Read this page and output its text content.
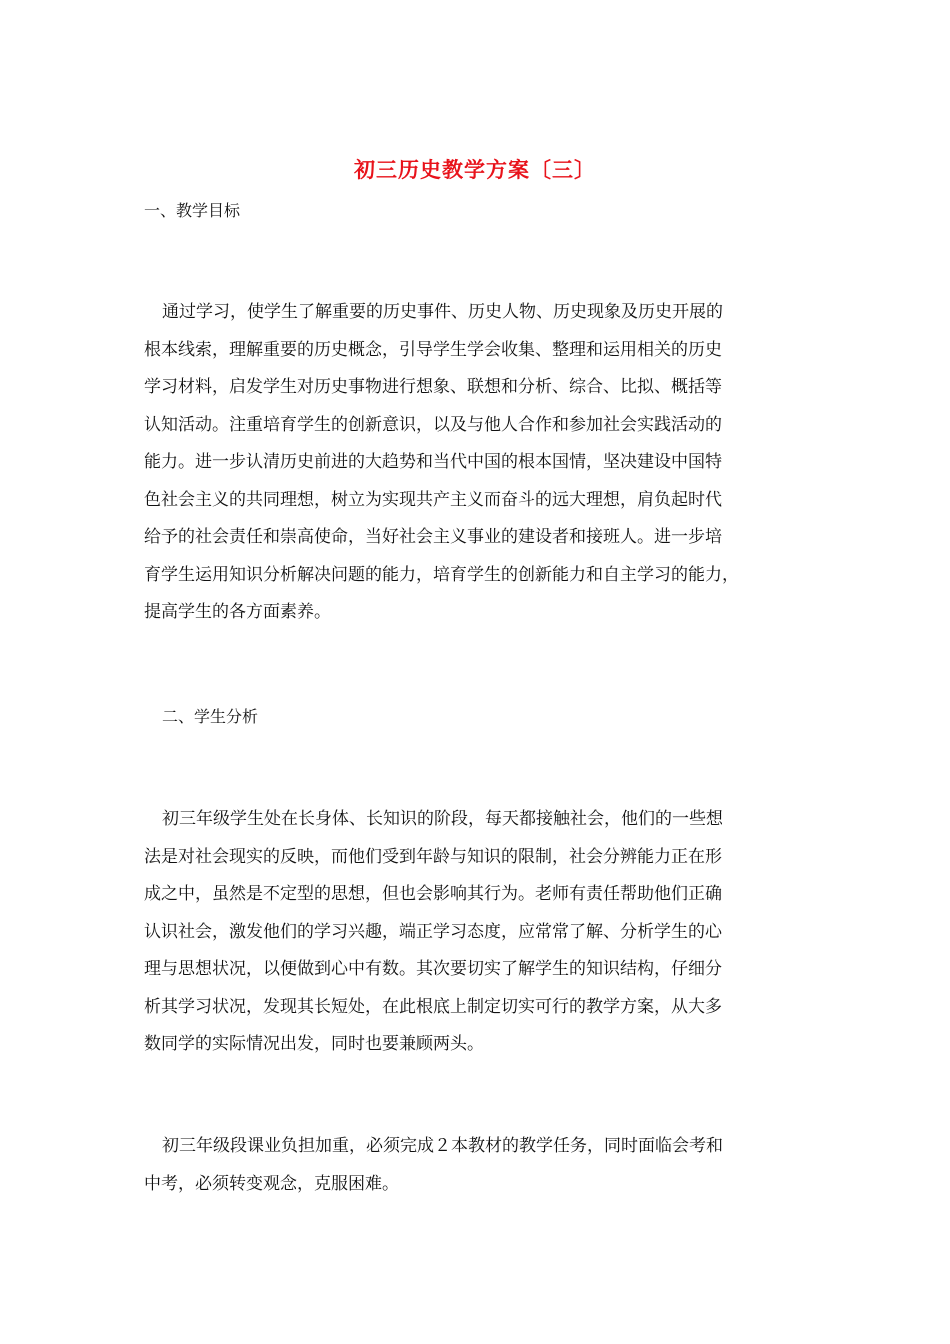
初三历史教学方案〔三〕
一、教学目标
通过学习，使学生了解重要的历史事件、历史人物、历史现象及历史开展的
根本线索，理解重要的历史概念，引导学生学会收集、整理和运用相关的历史
学习材料，启发学生对历史事物进行想象、联想和分析、综合、比拟、概括等
认知活动。注重培育学生的创新意识，以及与他人合作和参加社会实践活动的
能力。进一步认清历史前进的大趋势和当代中国的根本国情，坚决建设中国特
色社会主义的共同理想，树立为实现共产主义而奋斗的远大理想，肩负起时代
给予的社会责任和崇高使命，当好社会主义事业的建设者和接班人。进一步培
育学生运用知识分析解决问题的能力，培育学生的创新能力和自主学习的能力，
提高学生的各方面素养。
二、学生分析
初三年级学生处在长身体、长知识的阶段，每天都接触社会，他们的一些想
法是对社会现实的反映，而他们受到年龄与知识的限制，社会分辨能力正在形
成之中，虽然是不定型的思想，但也会影响其行为。老师有责任帮助他们正确
认识社会，激发他们的学习兴趣，端正学习态度，应常常了解、分析学生的心
理与思想状况，以便做到心中有数。其次要切实了解学生的知识结构，仔细分
析其学习状况，发现其长短处，在此根底上制定切实可行的教学方案，从大多
数同学的实际情况出发，同时也要兼顾两头。
初三年级段课业负担加重，必须完成２本教材的教学任务，同时面临会考和
中考，必须转变观念，克服困难。
